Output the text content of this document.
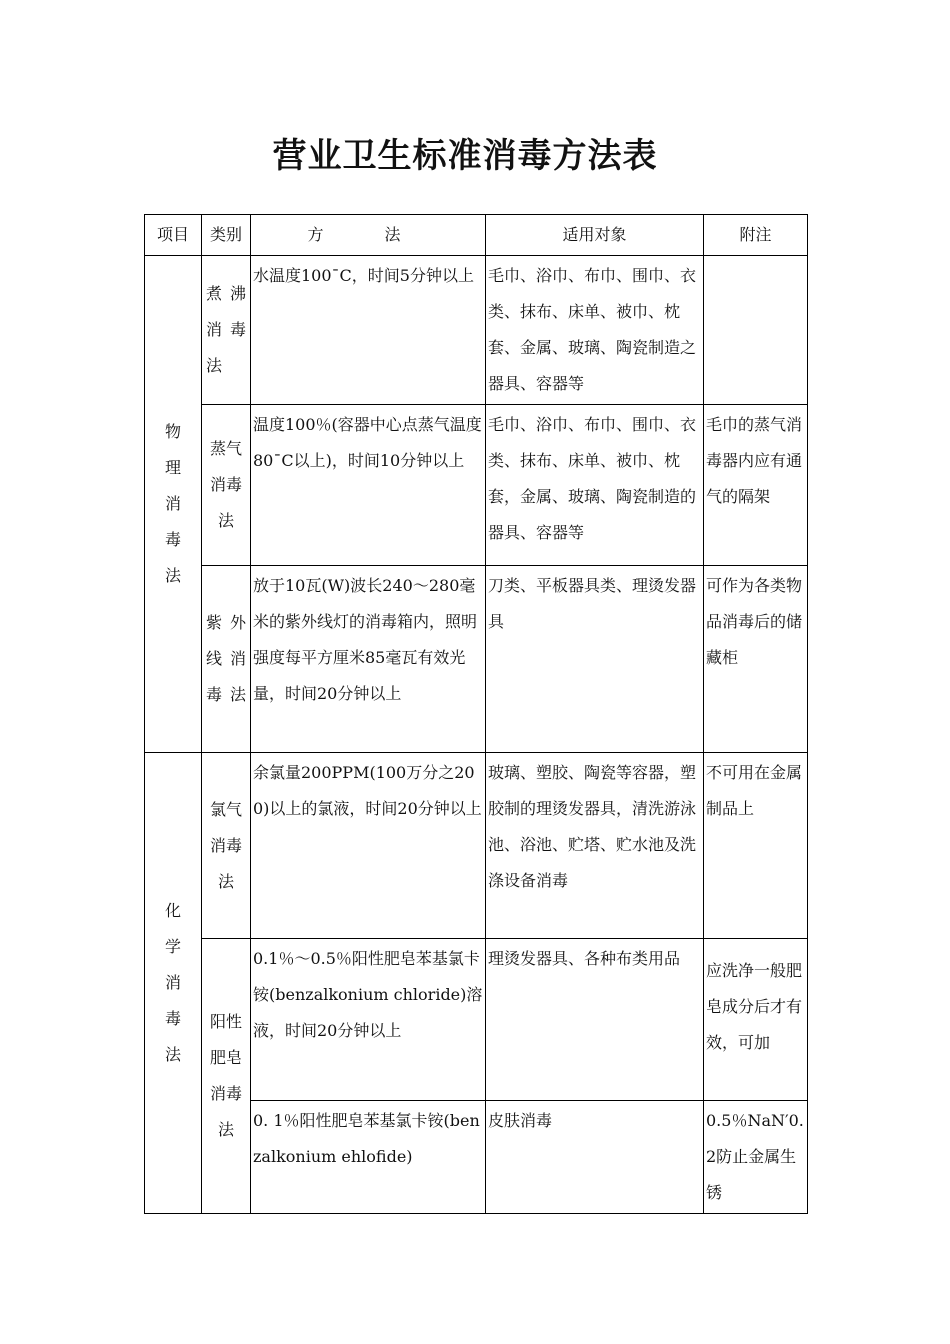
营业卫生标准消毒方法表
项目	类别	方 法	适用对象	附注
物理消毒法	煮沸消毒法	水温度100¯C，时间5分钟以上	毛巾、浴巾、布巾、围巾、衣类、抹布、床单、被巾、枕套、金属、玻璃、陶瓷制造之器具、容器等	
	蒸气消毒法	温度100％(容器中心点蒸气温度80¯C以上)，时间10分钟以上	毛巾、浴巾、布巾、围巾、衣类、抹布、床单、被巾、枕套，金属、玻璃、陶瓷制造的器具、容器等	毛巾的蒸气消毒器内应有通气的隔架
	紫外线消毒法	放于10瓦(W)波长240～280毫米的紫外线灯的消毒箱内，照明强度每平方厘米85毫瓦有效光量，时间20分钟以上	刀类、平板器具类、理烫发器具	可作为各类物品消毒后的储藏柜
化学消毒法	氯气消毒法	余氯量200PPM(100万分之200)以上的氯液，时间20分钟以上	玻璃、塑胶、陶瓷等容器，塑胶制的理烫发器具，清洗游泳池、浴池、贮塔、贮水池及洗涤设备消毒	不可用在金属制品上
	阳性肥皂消毒法	0.1％～0.5％阳性肥皂苯基氯卡铵(benzalkonium chloride)溶液，时间20分钟以上	理烫发器具、各种布类用品	应洗净一般肥皂成分后才有效，可加
		0. 1％阳性肥皂苯基氯卡铵(benzalkonium ehlofide)	皮肤消毒	0.5％NaN′0.2防止金属生锈
